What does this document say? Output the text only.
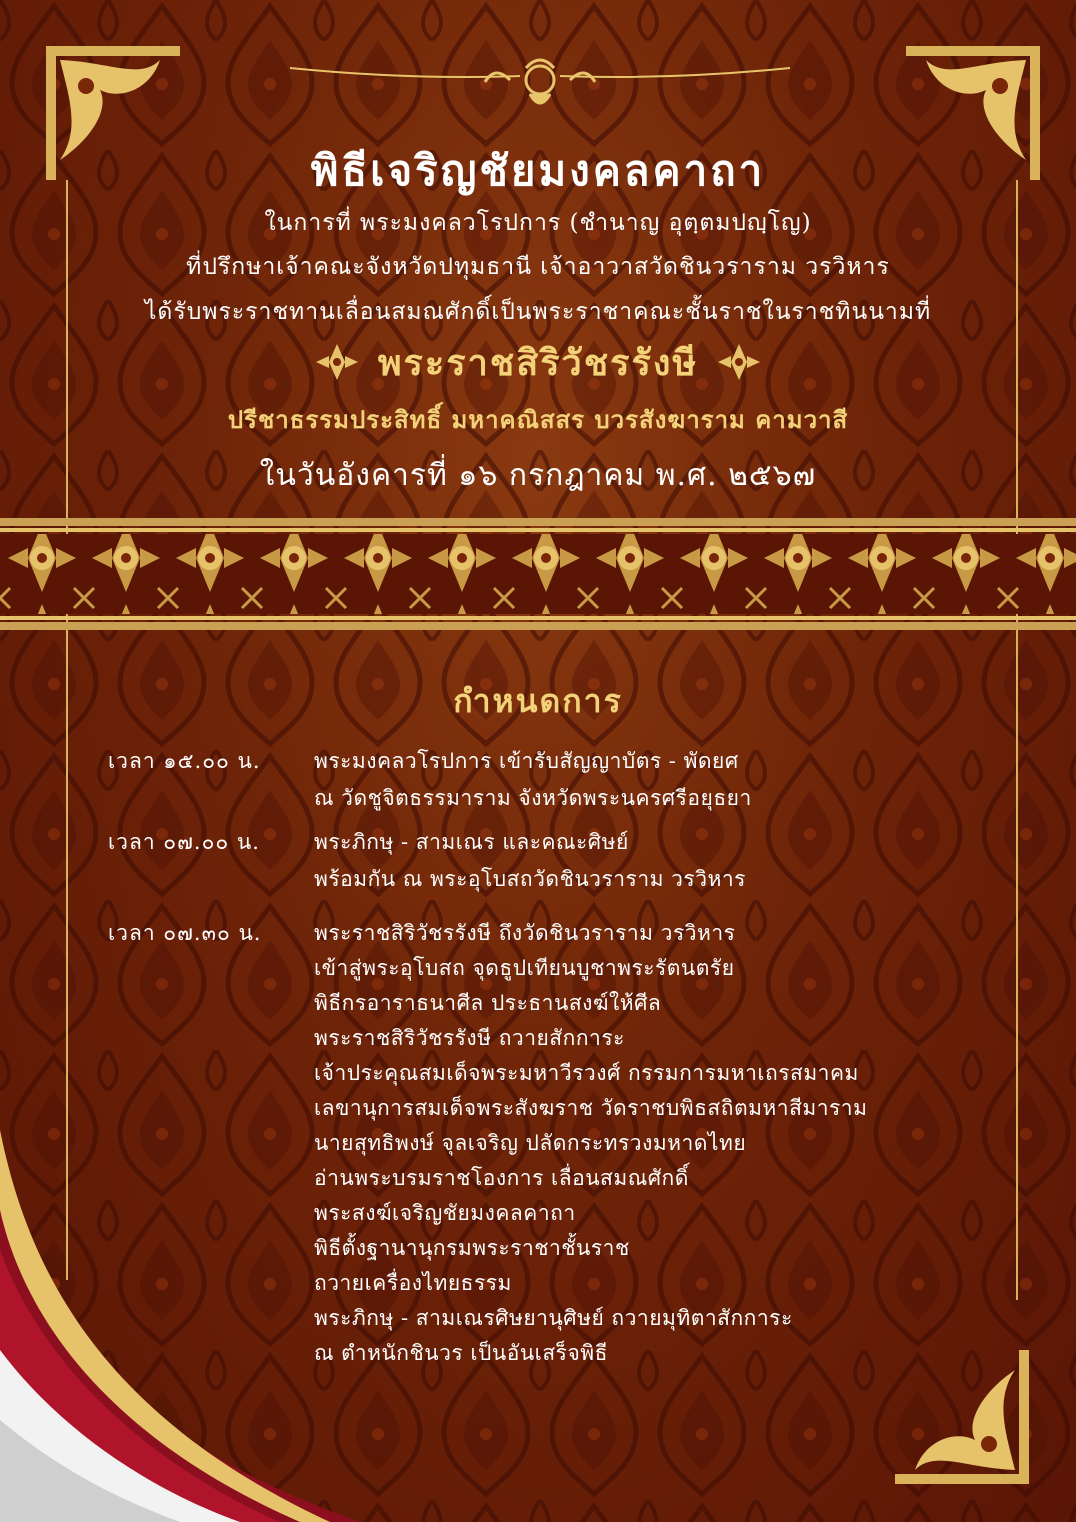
พิธีเจริญชัยมงคลคาถา
ในการที่ พระมงคลวโรปการ (ชำนาญ อุตฺตมปญฺโญ)
ที่ปรึกษาเจ้าคณะจังหวัดปทุมธานี เจ้าอาวาสวัดชินวราราม วรวิหาร
ได้รับพระราชทานเลื่อนสมณศักดิ์เป็นพระราชาคณะชั้นราชในราชทินนามที่
พระราชสิริวัชรรังษี
ปรีชาธรรมประสิทธิ์ มหาคณิสสร บวรสังฆาราม คามวาสี
ในวันอังคารที่ ๑๖ กรกฎาคม พ.ศ. ๒๕๖๗
กำหนดการ
เวลา ๑๕.๐๐ น.	พระมงคลวโรปการ เข้ารับสัญญาบัตร - พัดยศ
ณ วัดชูจิตธรรมาราม จังหวัดพระนครศรีอยุธยา
เวลา ๐๗.๐๐ น.	พระภิกษุ - สามเณร และคณะศิษย์
พร้อมกัน ณ พระอุโบสถวัดชินวราราม วรวิหาร
เวลา ๐๗.๓๐ น.	พระราชสิริวัชรรังษี ถึงวัดชินวราราม วรวิหาร
เข้าสู่พระอุโบสถ จุดธูปเทียนบูชาพระรัตนตรัย
พิธีกรอาราธนาศีล ประธานสงฆ์ให้ศีล
พระราชสิริวัชรรังษี ถวายสักการะ
เจ้าประคุณสมเด็จพระมหาวีรวงศ์ กรรมการมหาเถรสมาคม
เลขานุการสมเด็จพระสังฆราช วัดราชบพิธสถิตมหาสีมาราม
นายสุทธิพงษ์ จุลเจริญ ปลัดกระทรวงมหาดไทย
อ่านพระบรมราชโองการ เลื่อนสมณศักดิ์
พระสงฆ์เจริญชัยมงคลคาถา
พิธีตั้งฐานานุกรมพระราชาชั้นราช
ถวายเครื่องไทยธรรม
พระภิกษุ - สามเณรศิษยานุศิษย์ ถวายมุทิตาสักการะ
ณ ตำหนักชินวร เป็นอันเสร็จพิธี
